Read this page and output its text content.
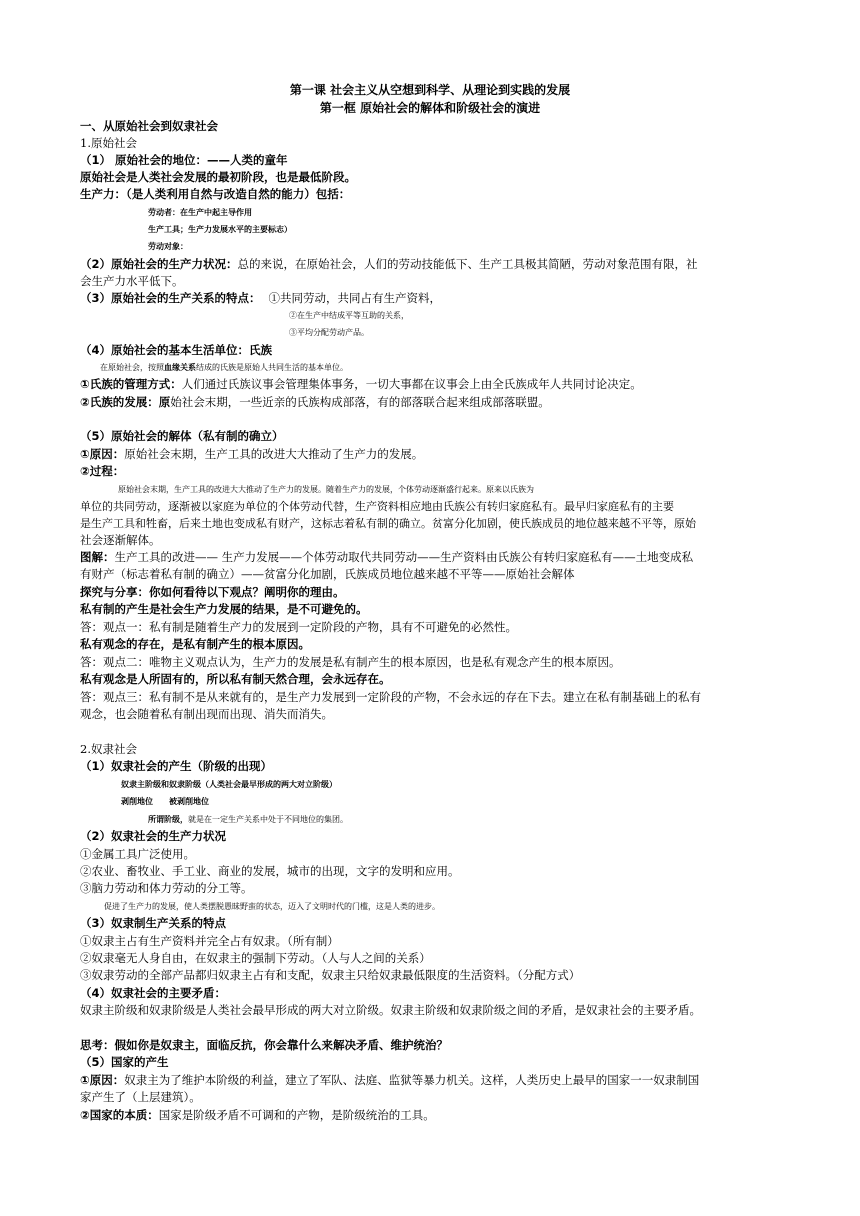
第一课 社会主义从空想到科学、从理论到实践的发展
第一框 原始社会的解体和阶级社会的演进
一、从原始社会到奴隶社会
1.原始社会
（1） 原始社会的地位：——人类的童年
原始社会是人类社会发展的最初阶段，也是最低阶段。
生产力：（是人类利用自然与改造自然的能力）包括：
劳动者：在生产中起主导作用
生产工具；生产力发展水平的主要标志）
劳动对象：
（2）原始社会的生产力状况：总的来说，在原始社会，人们的劳动技能低下、生产工具极其简陋，劳动对象范围有限，社
会生产力水平低下。
（3）原始社会的生产关系的特点： ①共同劳动，共同占有生产资料，
②在生产中结成平等互助的关系，
③平均分配劳动产品。
（4）原始社会的基本生活单位：氏族
在原始社会，按照血缘关系结成的氏族是原始人共同生活的基本单位。
①氏族的管理方式：人们通过氏族议事会管理集体事务，一切大事都在议事会上由全氏族成年人共同讨论决定。
②氏族的发展：原始社会末期，一些近亲的氏族构成部落，有的部落联合起来组成部落联盟。
（5）原始社会的解体（私有制的确立）
①原因：原始社会末期，生产工具的改进大大推动了生产力的发展。
②过程：
原始社会末期，生产工具的改进大大推动了生产力的发展。随着生产力的发展，个体劳动逐渐盛行起来。原来以氏族为
单位的共同劳动，逐渐被以家庭为单位的个体劳动代替，生产资料相应地由氏族公有转归家庭私有。最早归家庭私有的主要
是生产工具和牲畜，后来土地也变成私有财产，这标志着私有制的确立。贫富分化加剧，使氏族成员的地位越来越不平等，原始
社会逐渐解体。
图解：生产工具的改进—— 生产力发展——个体劳动取代共同劳动——生产资料由氏族公有转归家庭私有——土地变成私
有财产（标志着私有制的确立）——贫富分化加剧，氏族成员地位越来越不平等——原始社会解体
探究与分享：你如何看待以下观点？阐明你的理由。
私有制的产生是社会生产力发展的结果，是不可避免的。
答：观点一：私有制是随着生产力的发展到一定阶段的产物，具有不可避免的必然性。
私有观念的存在，是私有制产生的根本原因。
答：观点二：唯物主义观点认为，生产力的发展是私有制产生的根本原因，也是私有观念产生的根本原因。
私有观念是人所固有的，所以私有制天然合理，会永远存在。
答：观点三：私有制不是从来就有的，是生产力发展到一定阶段的产物，不会永远的存在下去。建立在私有制基础上的私有
观念，也会随着私有制出现而出现、消失而消失。
2.奴隶社会
（1）奴隶社会的产生（阶级的出现）
奴隶主阶级和奴隶阶级（人类社会最早形成的两大对立阶级）
剥削地位　　被剥削地位
所谓阶级，就是在一定生产关系中处于不同地位的集团。
（2）奴隶社会的生产力状况
①金属工具广泛使用。
②农业、畜牧业、手工业、商业的发展，城市的出现，文字的发明和应用。
③脑力劳动和体力劳动的分工等。
促进了生产力的发展，使人类摆脱愚昧野蛮的状态，迈入了文明时代的门槛，这是人类的进步。
（3）奴隶制生产关系的特点
①奴隶主占有生产资料并完全占有奴隶。（所有制）
②奴隶毫无人身自由，在奴隶主的强制下劳动。（人与人之间的关系）
③奴隶劳动的全部产品都归奴隶主占有和支配，奴隶主只给奴隶最低限度的生活资料。（分配方式）
（4）奴隶社会的主要矛盾：
奴隶主阶级和奴隶阶级是人类社会最早形成的两大对立阶级。奴隶主阶级和奴隶阶级之间的矛盾，是奴隶社会的主要矛盾。
思考：假如你是奴隶主，面临反抗，你会靠什么来解决矛盾、维护统治？
（5）国家的产生
①原因：奴隶主为了维护本阶级的利益，建立了军队、法庭、监狱等暴力机关。这样，人类历史上最早的国家一一奴隶制国
家产生了（上层建筑）。
②国家的本质：国家是阶级矛盾不可调和的产物，是阶级统治的工具。
